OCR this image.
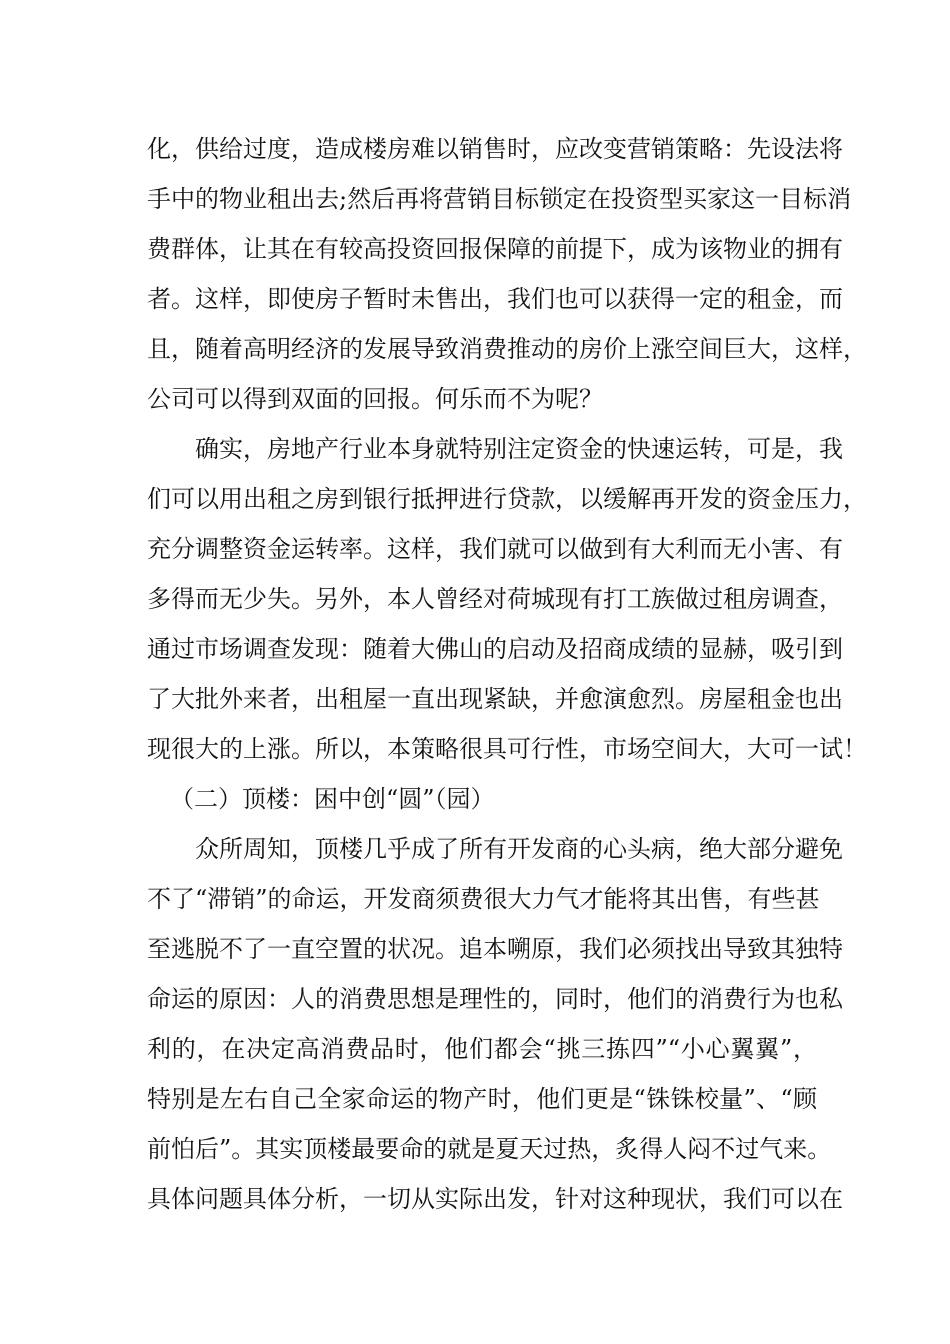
化，供给过度，造成楼房难以销售时，应改变营销策略：先设法将
手中的物业租出去;然后再将营销目标锁定在投资型买家这一目标消
费群体，让其在有较高投资回报保障的前提下，成为该物业的拥有
者。这样，即使房子暂时未售出，我们也可以获得一定的租金，而
且，随着高明经济的发展导致消费推动的房价上涨空间巨大，这样，
公司可以得到双面的回报。何乐而不为呢？
确实，房地产行业本身就特别注定资金的快速运转，可是，我
们可以用出租之房到银行抵押进行贷款，以缓解再开发的资金压力，
充分调整资金运转率。这样，我们就可以做到有大利而无小害、有
多得而无少失。另外，本人曾经对荷城现有打工族做过租房调查，
通过市场调查发现：随着大佛山的启动及招商成绩的显赫，吸引到
了大批外来者，出租屋一直出现紧缺，并愈演愈烈。房屋租金也出
现很大的上涨。所以，本策略很具可行性，市场空间大，大可一试！
（二）顶楼：困中创“圆”（园）
众所周知，顶楼几乎成了所有开发商的心头病，绝大部分避免
不了“滞销”的命运，开发商须费很大力气才能将其出售，有些甚
至逃脱不了一直空置的状况。追本嗍原，我们必须找出导致其独特
命运的原因：人的消费思想是理性的，同时，他们的消费行为也私
利的，在决定高消费品时，他们都会“挑三拣四”“小心翼翼”，
特别是左右自己全家命运的物产时，他们更是“铢铢校量”、“顾
前怕后”。其实顶楼最要命的就是夏天过热，炙得人闷不过气来。
具体问题具体分析，一切从实际出发，针对这种现状，我们可以在
